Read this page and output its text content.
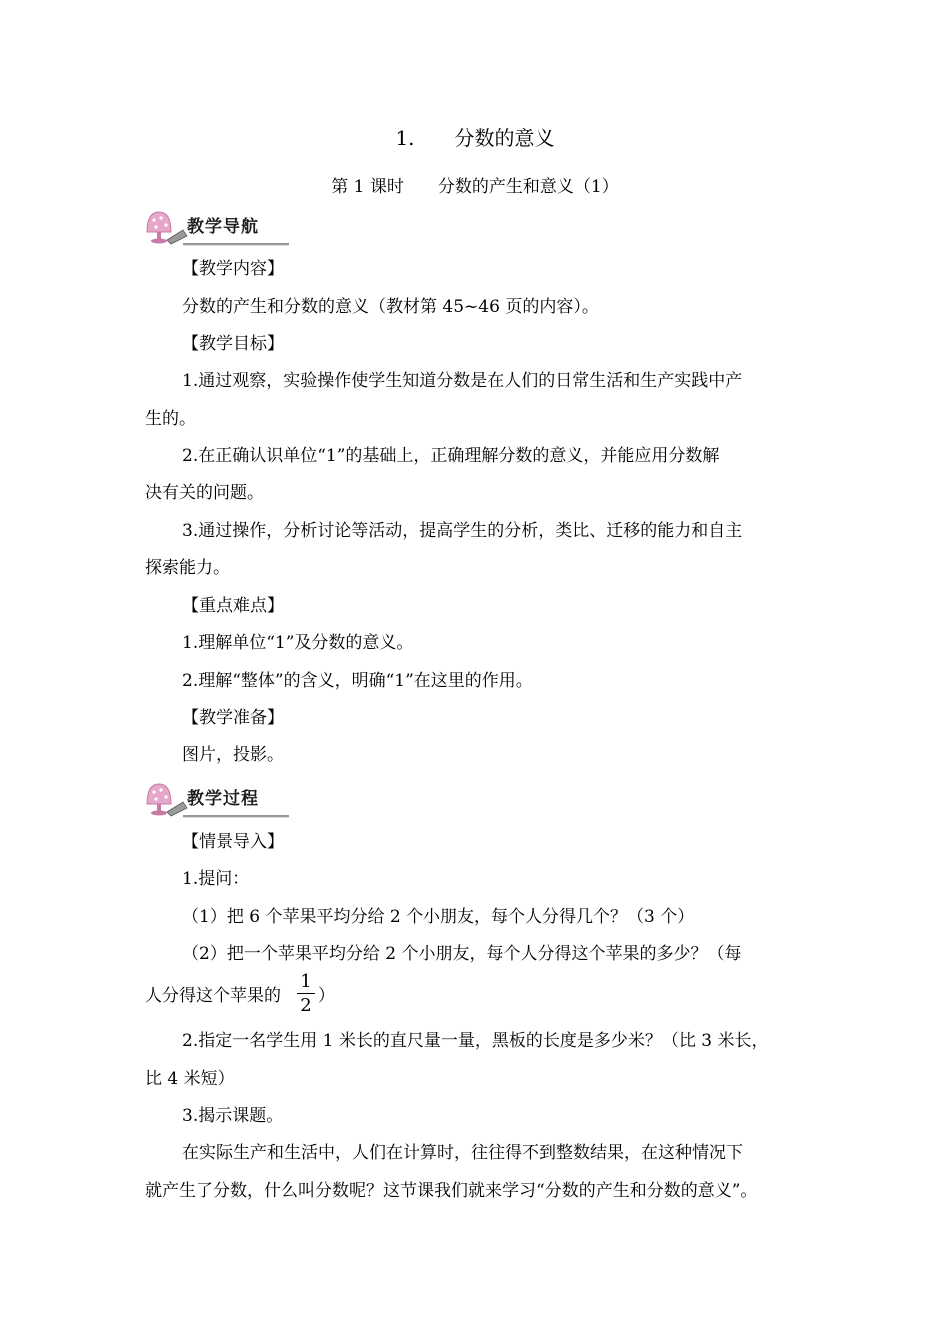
1. 分数的意义
第 1 课时 分数的产生和意义（1）
教学导航
【教学内容】
分数的产生和分数的意义（教材第 45~46 页的内容）。
【教学目标】
1.通过观察，实验操作使学生知道分数是在人们的日常生活和生产实践中产
生的。
2.在正确认识单位“1”的基础上，正确理解分数的意义，并能应用分数解
决有关的问题。
3.通过操作，分析讨论等活动，提高学生的分析，类比、迁移的能力和自主
探索能力。
【重点难点】
1.理解单位“1”及分数的意义。
2.理解“整体”的含义，明确“1”在这里的作用。
【教学准备】
图片，投影。
教学过程
【情景导入】
1.提问：
（1）把 6 个苹果平均分给 2 个小朋友，每个人分得几个？（3 个）
（2）把一个苹果平均分给 2 个小朋友，每个人分得这个苹果的多少？（每
人分得这个苹果的
1
2 ）
2.指定一名学生用 1 米长的直尺量一量，黑板的长度是多少米？（比 3 米长，
比 4 米短）
3.揭示课题。
在实际生产和生活中，人们在计算时，往往得不到整数结果，在这种情况下
就产生了分数，什么叫分数呢？这节课我们就来学习“分数的产生和分数的意义”。
